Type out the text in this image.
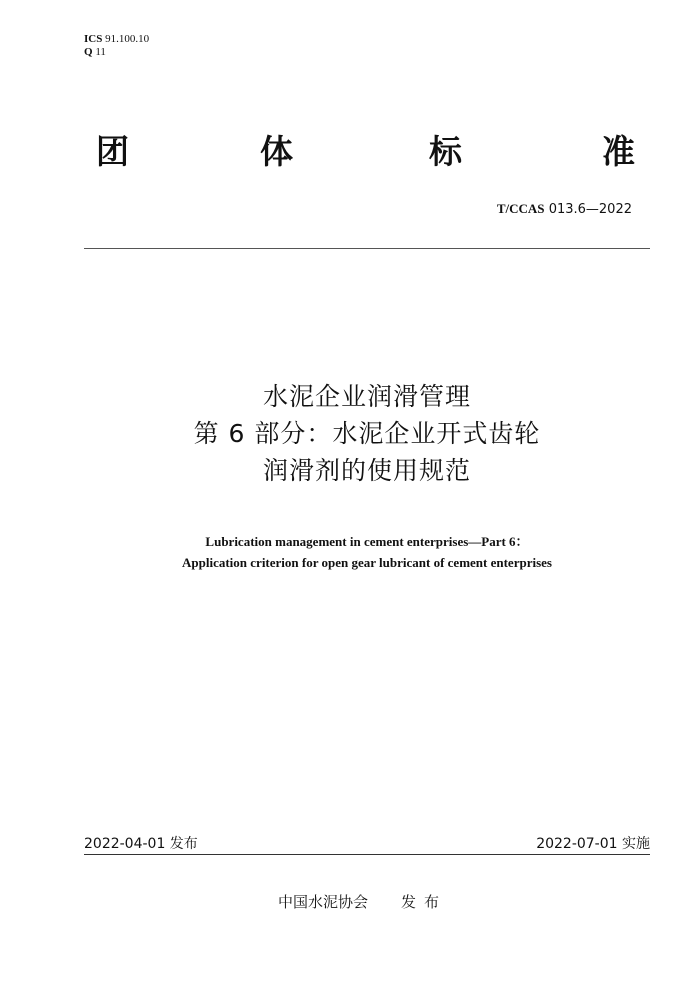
ICS 91.100.10
Q 11
团	体	标	准
T/CCAS 013.6—2022
水泥企业润滑管理
第 6 部分：水泥企业开式齿轮
润滑剂的使用规范
Lubrication management in cement enterprises—Part 6：
Application criterion for open gear lubricant of cement enterprises
2022-04-01 发布	2022-07-01 实施
中国水泥协会 发布
